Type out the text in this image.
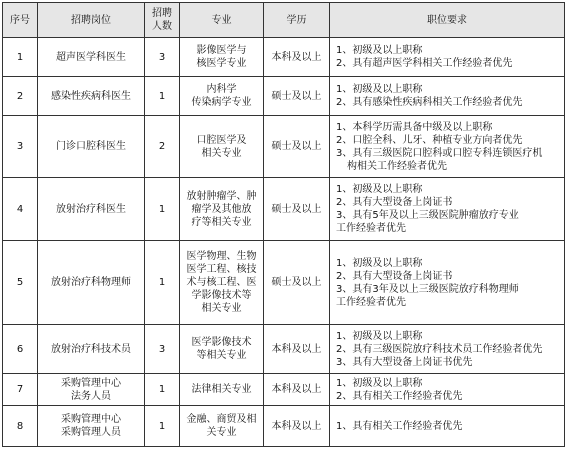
序号	招聘岗位	招聘
人数	专业	学历	职位要求
1	超声医学科医生	3	影像医学与
核医学专业	本科及以上	1、初级及以上职称
2、具有超声医学科相关工作经验者优先

2	感染性疾病科医生	1	内科学
传染病学专业	硕士及以上	1、初级及以上职称
2、具有感染性疾病科相关工作经验者优先

3	门诊口腔科医生	2	口腔医学及
相关专业	硕士及以上	1、本科学历需具备中级及以上职称
2、口腔全科、儿牙、种植专业方向者优先
3、具有三级医院口腔科或口腔专科连锁医疗机
构相关工作经验者优先

4	放射治疗科医生	1	放射肿瘤学、肿
瘤学及其他放
疗等相关专业	硕士及以上	1、初级及以上职称
2、具有大型设备上岗证书
3、具有5年及以上三级医院肿瘤放疗专业
工作经验者优先

5	放射治疗科物理师	1	医学物理、生物
医学工程、核技
术与核工程、医
学影像技术等
相关专业	硕士及以上	1、初级及以上职称
2、具有大型设备上岗证书
3、具有3年及以上三级医院放疗科物理师
工作经验者优先

6	放射治疗科技术员	3	医学影像技术
等相关专业	本科及以上	1、初级及以上职称
2、具有三级医院放疗科技术员工作经验者优先
3、具有大型设备上岗证书优先

7	采购管理中心
法务人员	1	法律相关专业	本科及以上	1、初级及以上职称
2、具有相关工作经验者优先

8	采购管理中心
采购管理人员	1	金融、商贸及相
关专业	本科及以上	1、具有相关工作经验者优先
